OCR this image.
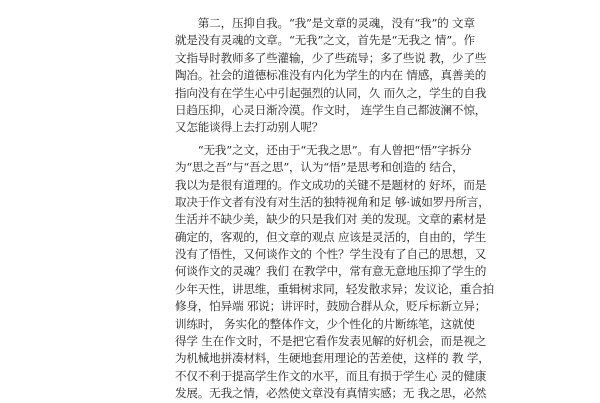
　　第二，压抑自我。“我”是文章的灵魂，没有“我”的 文章
就是没有灵魂的文章。“无我”之文，首先是“无我之 情”。作
文指导时教师多了些灌输，少了些疏导；多了些说 教，少了些
陶冶。社会的道德标准没有内化为学生的内在 情感，真善美的
指向没有在学生心中引起强烈的认同，久 而久之，学生的自我
日趋压抑，心灵日渐冷漠。作文时， 连学生自己都波澜不惊，
又怎能谈得上去打动别人呢？
　　“无我”之文，还由于“无我之思”。有人曾把“悟”字拆分
为“思之吾”与“吾之思”，认为“悟”是思考和创造的 结合，
我以为是很有道理的。作文成功的关键不是题材的 好坏，而是
取决于作文者有没有对生活的独特视角和足 够·诚如罗丹所言，
生活并不缺少美，缺少的只是我们对 美的发现。文章的素材是
确定的，客观的，但文章的观点 应该是灵活的，自由的，学生
没有了悟性，又何谈作文的 个性？学生没有了自己的思想，又
何谈作文的灵魂？我们 在教学中，常有意无意地压抑了学生的
少年天性，讲思维，重辑树求同，轻发散求异；发议论，重合拍
修身，怕异端 邪说；讲评时，鼓励合群从众，贬斥标新立异；
训练时， 务实化的整体作文，少个性化的片断练笔，这就使
得学 生在作文时，不是把它看作发表见解的好机会，而是视之
为机械地拼凑材料，生硬地套用理论的苦差使，这样的 教 学，
不仅不利于提高学生作文的水平，而且有损于学生心 灵的健康
发展。无我之情，必然使文章没有真情实感；无 我之思，必然
